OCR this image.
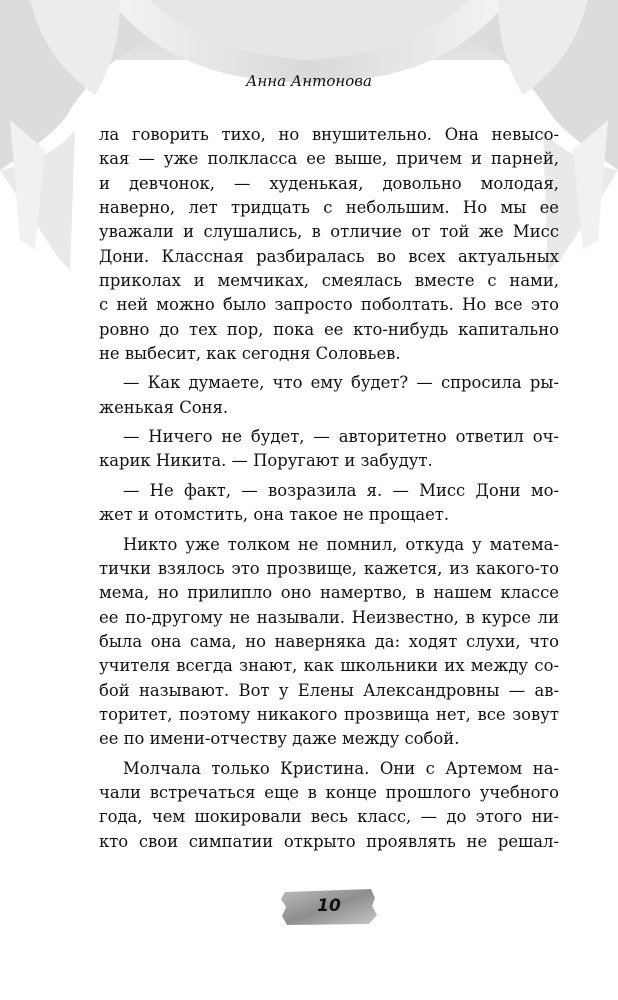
Анна Антонова
ла говорить тихо, но внушительно. Она невысо-
кая — уже полкласса ее выше, причем и парней,
и девчонок, — худенькая, довольно молодая,
наверно, лет тридцать с небольшим. Но мы ее
уважали и слушались, в отличие от той же Мисс
Дони. Классная разбиралась во всех актуальных
приколах и мемчиках, смеялась вместе с нами,
с ней можно было запросто поболтать. Но все это
ровно до тех пор, пока ее кто-нибудь капитально
не выбесит, как сегодня Соловьев.
— Как думаете, что ему будет? — спросила ры-
женькая Соня.
— Ничего не будет, — авторитетно ответил оч-
карик Никита. — Поругают и забудут.
— Не факт, — возразила я. — Мисс Дони мо-
жет и отомстить, она такое не прощает.
Никто уже толком не помнил, откуда у матема-
тички взялось это прозвище, кажется, из какого-то
мема, но прилипло оно намертво, в нашем классе
ее по-другому не называли. Неизвестно, в курсе ли
была она сама, но наверняка да: ходят слухи, что
учителя всегда знают, как школьники их между со-
бой называют. Вот у Елены Александровны — ав-
торитет, поэтому никакого прозвища нет, все зовут
ее по имени-отчеству даже между собой.
Молчала только Кристина. Они с Артемом на-
чали встречаться еще в конце прошлого учебного
года, чем шокировали весь класс, — до этого ни-
кто свои симпатии открыто проявлять не решал-
10
